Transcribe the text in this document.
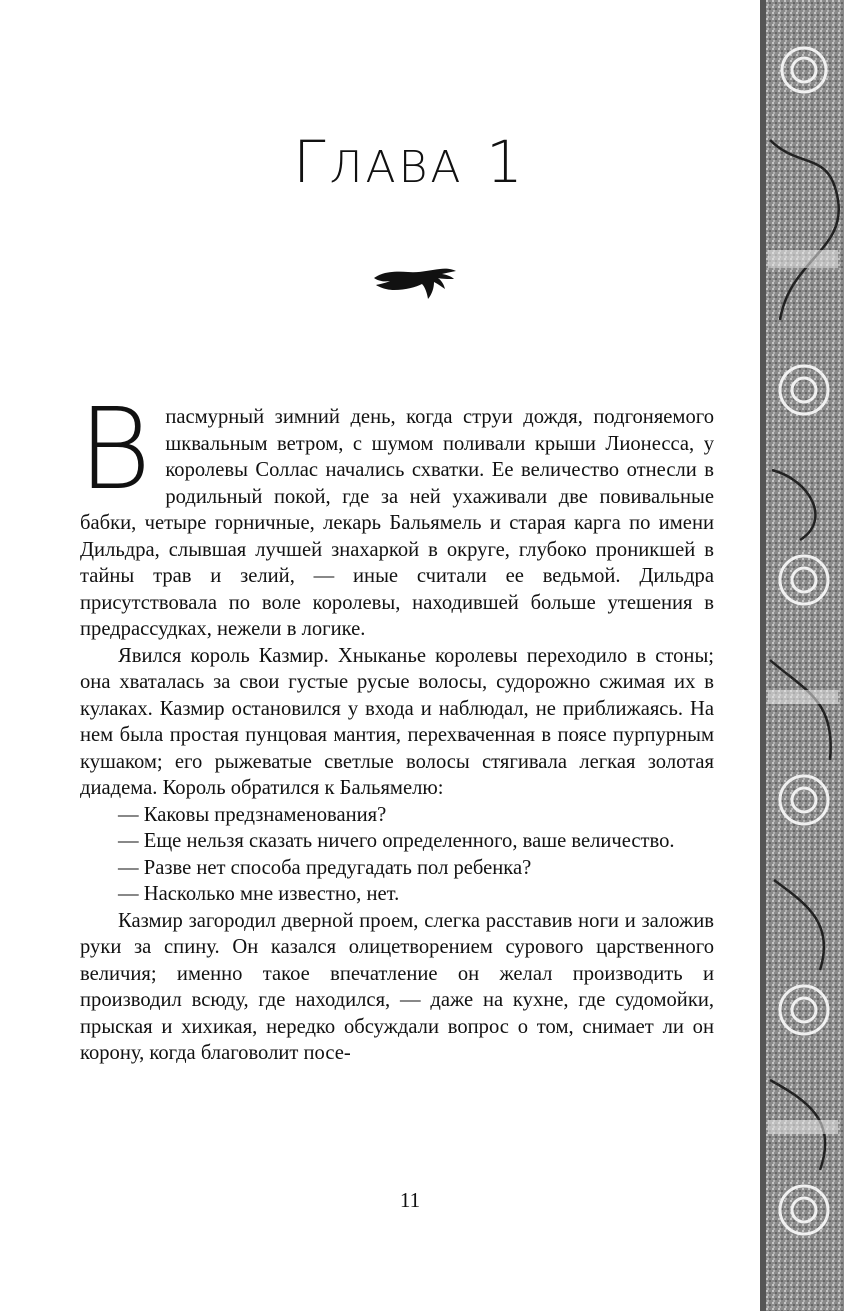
ГЛАВА 1

Впасмурный зимний день, когда струи дождя, подгоняемого шквальным ветром, с шумом поливали крыши Лионесса, у королевы Соллас начались схватки. Ее величество отнесли в родильный покой, где за ней ухаживали две повивальные бабки, четыре горничные, лекарь Бальямель и старая карга по имени Дильдра, слывшая лучшей знахаркой в округе, глубоко проникшей в тайны трав и зелий, — иные считали ее ведьмой. Дильдра присутствовала по воле королевы, находившей больше утешения в предрассудках, нежели в логике.

Явился король Казмир. Хныканье королевы переходило в стоны; она хваталась за свои густые русые волосы, судорожно сжимая их в кулаках. Казмир остановился у входа и наблюдал, не приближаясь. На нем была простая пунцовая мантия, перехваченная в поясе пурпурным кушаком; его рыжеватые светлые волосы стягивала легкая золотая диадема. Король обратился к Бальямелю:

— Каковы предзнаменования?

— Еще нельзя сказать ничего определенного, ваше величество.

— Разве нет способа предугадать пол ребенка?

— Насколько мне известно, нет.

Казмир загородил дверной проем, слегка расставив ноги и заложив руки за спину. Он казался олицетворением сурового царственного величия; именно такое впечатление он желал производить и производил всюду, где находился, — даже на кухне, где судомойки, прыская и хихикая, нередко обсуждали вопрос о том, снимает ли он корону, когда благоволит посе-

11
